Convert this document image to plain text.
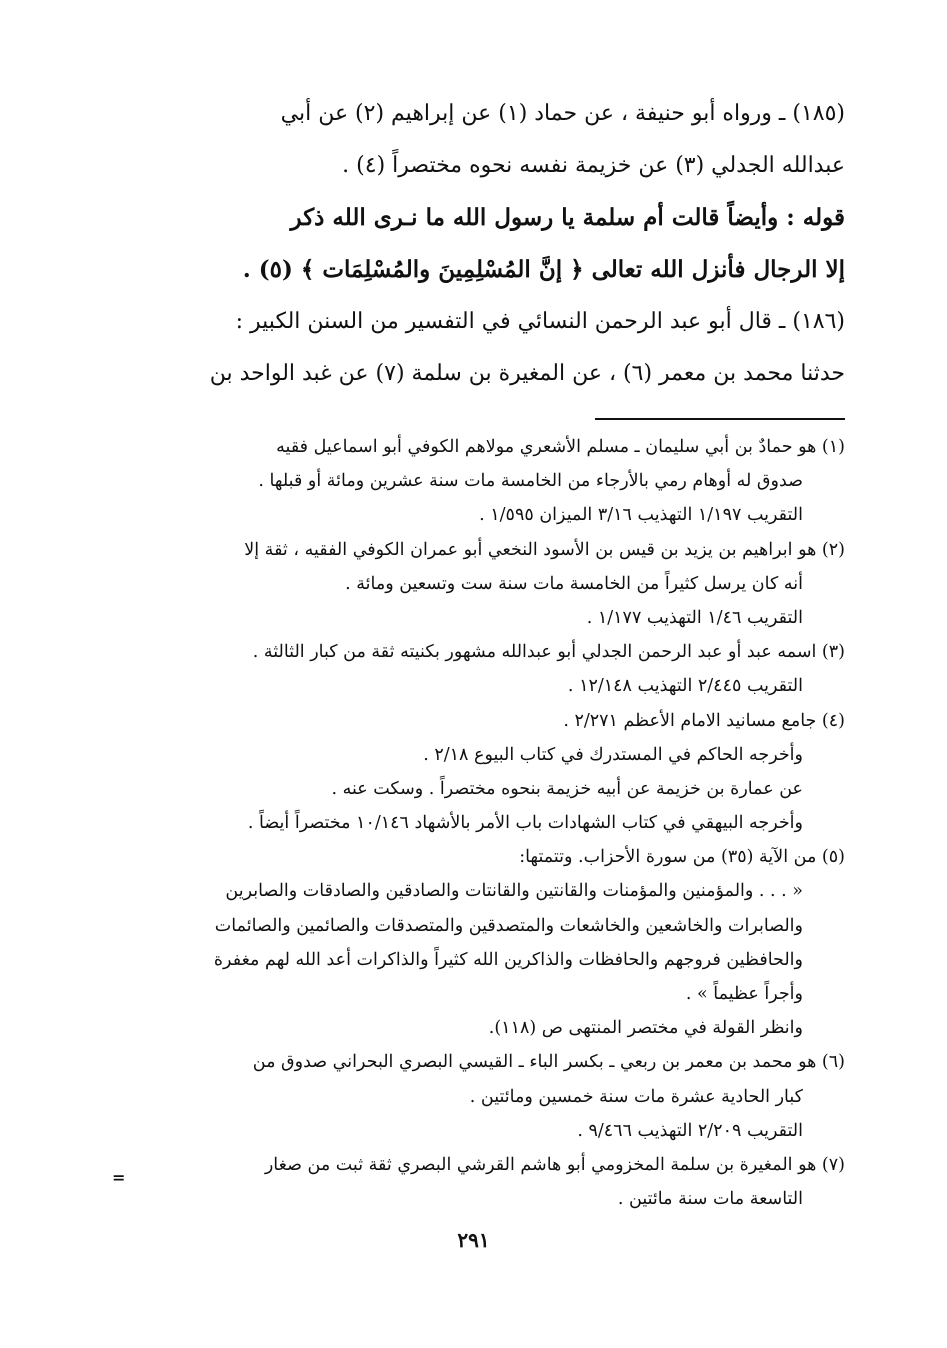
(١٨٥) ـ ورواه أبو حنيفة ، عن حماد (١) عن إبراهيم (٢) عن أبي
عبدالله الجدلي (٣) عن خزيمة نفسه نحوه مختصراً (٤) .
قوله : وأيضاً قالت أم سلمة يا رسول الله ما نـرى الله ذكر
إلا الرجال فأنزل الله تعالى ﴿ إنَّ المُسْلِمِينَ والمُسْلِمَات ﴾ (٥) .
(١٨٦) ـ قال أبو عبد الرحمن النسائي في التفسير من السنن الكبير :
حدثنا محمد بن معمر (٦) ، عن المغيرة بن سلمة (٧) عن غبد الواحد بن
(١) هو حمادٌ بن أبي سليمان ـ مسلم الأشعري مولاهم الكوفي أبو اسماعيل فقيه
صدوق له أوهام رمي بالأرجاء من الخامسة مات سنة عشرين ومائة أو قبلها .
التقريب ١/١٩٧ التهذيب ٣/١٦ الميزان ١/٥٩٥ .
(٢) هو ابراهيم بن يزيد بن قيس بن الأسود النخعي أبو عمران الكوفي الفقيه ، ثقة إلا
أنه كان يرسل كثيراً من الخامسة مات سنة ست وتسعين ومائة .
التقريب ١/٤٦ التهذيب ١/١٧٧ .
(٣) اسمه عبد أو عبد الرحمن الجدلي أبو عبدالله مشهور بكنيته ثقة من كبار الثالثة .
التقريب ٢/٤٤٥ التهذيب ١٢/١٤٨ .
(٤) جامع مسانيد الامام الأعظم ٢/٢٧١ .
وأخرجه الحاكم في المستدرك في كتاب البيوع ٢/١٨ .
عن عمارة بن خزيمة عن أبيه خزيمة بنحوه مختصراً . وسكت عنه .
وأخرجه البيهقي في كتاب الشهادات باب الأمر بالأشهاد ١٠/١٤٦ مختصراً أيضاً .
(٥) من الآية (٣٥) من سورة الأحزاب. وتتمتها:
« . . . والمؤمنين والمؤمنات والقانتين والقانتات والصادقين والصادقات والصابرين
والصابرات والخاشعين والخاشعات والمتصدقين والمتصدقات والصائمين والصائمات
والحافظين فروجهم والحافظات والذاكرين الله كثيراً والذاكرات أعد الله لهم مغفرة
وأجراً عظيماً » .
وانظر القولة في مختصر المنتهى ص (١١٨).
(٦) هو محمد بن معمر بن ربعي ـ بكسر الباء ـ القيسي البصري البحراني صدوق من
كبار الحادية عشرة مات سنة خمسين ومائتين .
التقريب ٢/٢٠٩ التهذيب ٩/٤٦٦ .
(٧) هو المغيرة بن سلمة المخزومي أبو هاشم القرشي البصري ثقة ثبت من صغار
التاسعة مات سنة مائتين .
=
٢٩١
